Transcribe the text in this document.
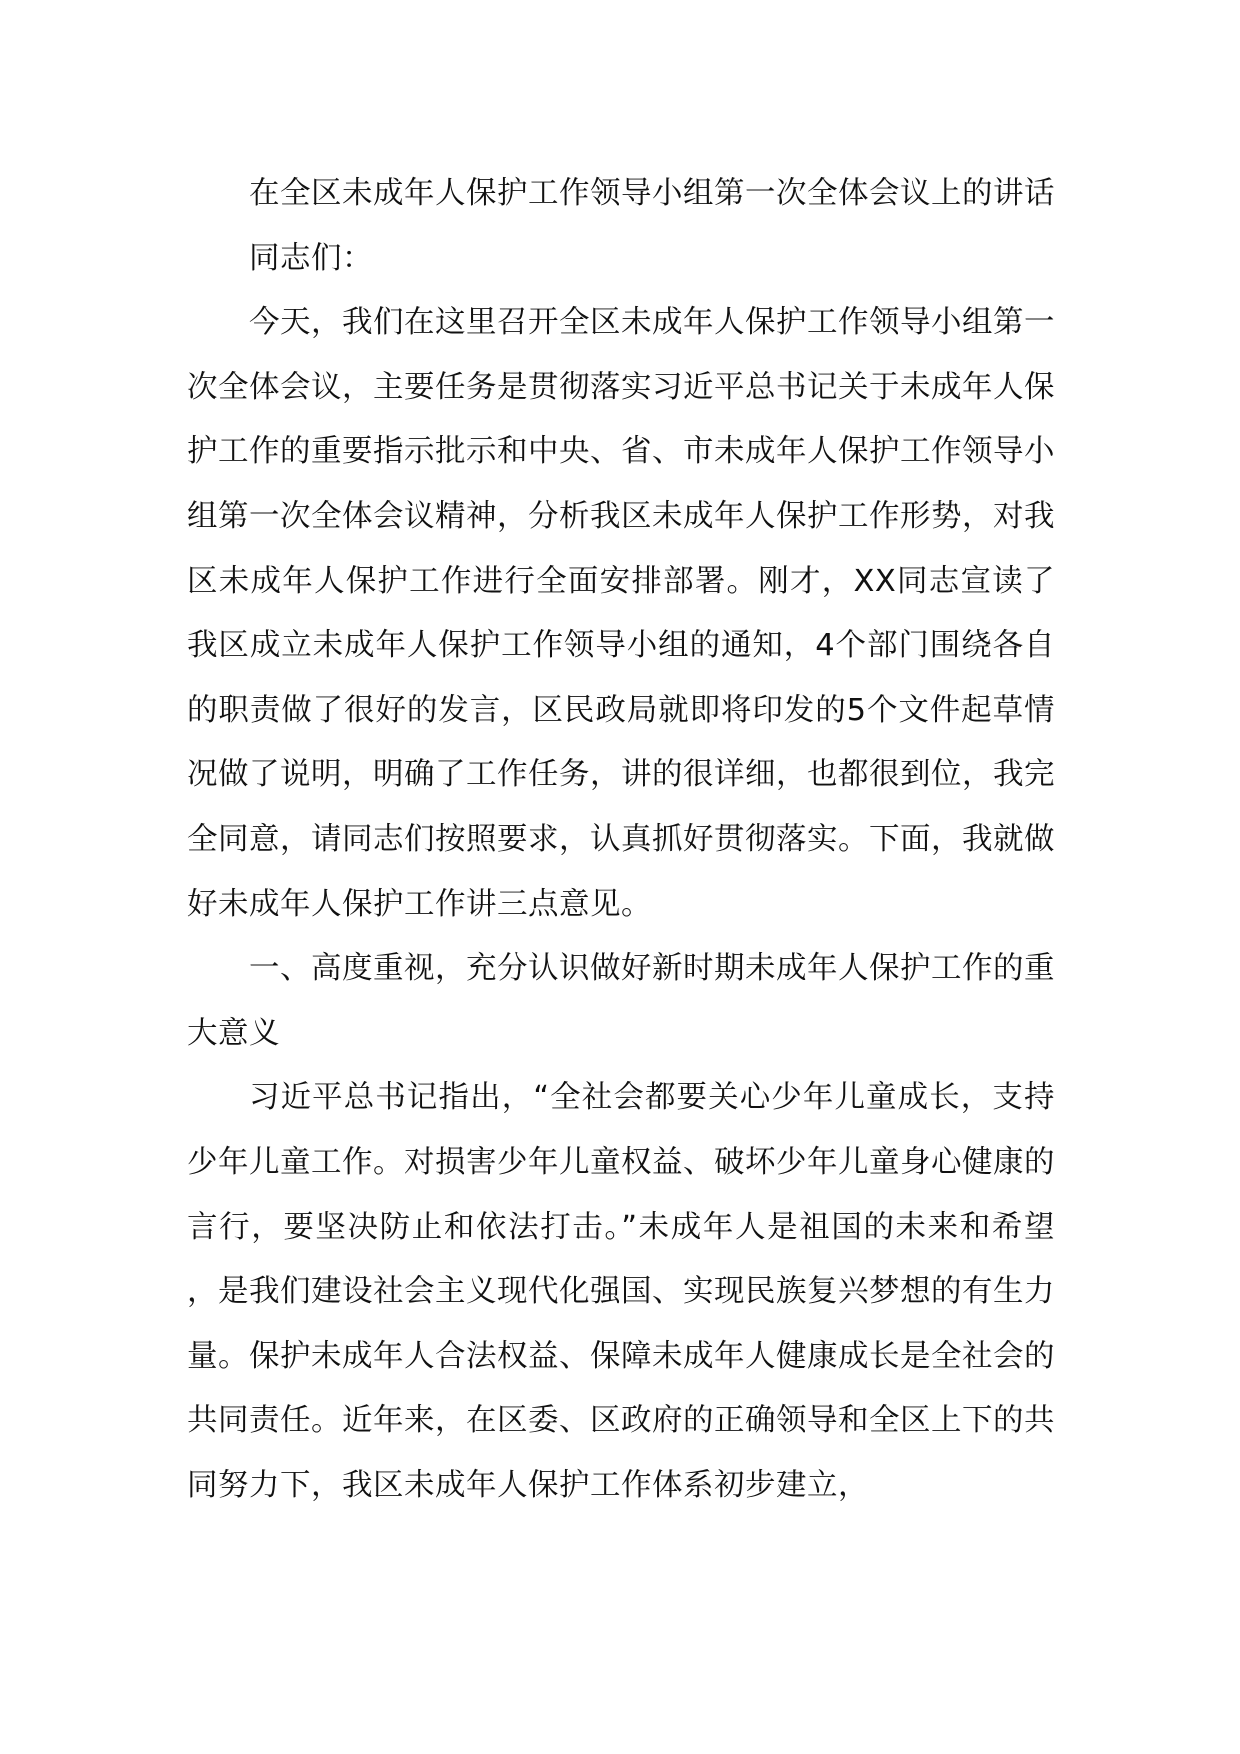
在全区未成年人保护工作领导小组第一次全体会议上的讲话

同志们：

今天，我们在这里召开全区未成年人保护工作领导小组第一次全体会议，主要任务是贯彻落实习近平总书记关于未成年人保护工作的重要指示批示和中央、省、市未成年人保护工作领导小组第一次全体会议精神，分析我区未成年人保护工作形势，对我区未成年人保护工作进行全面安排部署。刚才，XX同志宣读了我区成立未成年人保护工作领导小组的通知，4个部门围绕各自的职责做了很好的发言，区民政局就即将印发的5个文件起草情况做了说明，明确了工作任务，讲的很详细，也都很到位，我完全同意，请同志们按照要求，认真抓好贯彻落实。下面，我就做好未成年人保护工作讲三点意见。

一、高度重视，充分认识做好新时期未成年人保护工作的重大意义

习近平总书记指出，“全社会都要关心少年儿童成长，支持少年儿童工作。对损害少年儿童权益、破坏少年儿童身心健康的言行，要坚决防止和依法打击。”未成年人是祖国的未来和希望，是我们建设社会主义现代化强国、实现民族复兴梦想的有生力量。保护未成年人合法权益、保障未成年人健康成长是全社会的共同责任。近年来，在区委、区政府的正确领导和全区上下的共同努力下，我区未成年人保护工作体系初步建立，
